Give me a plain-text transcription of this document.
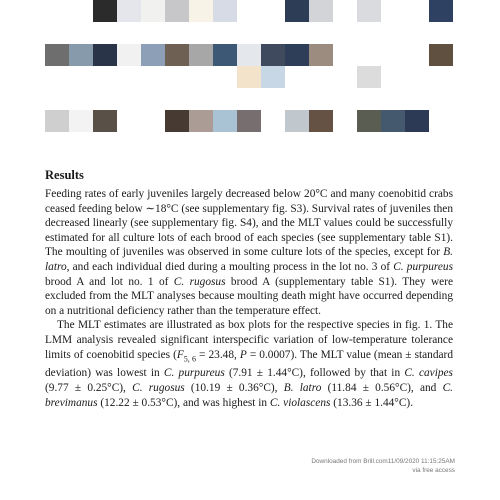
Results

Feeding rates of early juveniles largely decreased below 20°C and many coenobitid crabs ceased feeding below ∼18°C (see supplementary fig. S3). Survival rates of juveniles then decreased linearly (see supplementary fig. S4), and the MLT values could be successfully estimated for all culture lots of each brood of each species (see supplementary table S1). The moulting of juveniles was observed in some culture lots of the species, except for B. latro, and each individual died during a moulting process in the lot no. 3 of C. purpureus brood A and lot no. 1 of C. rugosus brood A (supplementary table S1). They were excluded from the MLT analyses because moulting death might have occurred depending on a nutritional deficiency rather than the temperature effect.

The MLT estimates are illustrated as box plots for the respective species in fig. 1. The LMM analysis revealed significant interspecific variation of low-temperature tolerance limits of coenobitid species ($F_{5, 6} = 23.48$, P = 0.0007). The MLT value (mean ± standard deviation) was lowest in C. purpureus (7.91 ± 1.44°C), followed by that in C. cavipes (9.77 ± 0.25°C), C. rugosus (10.19 ± 0.36°C), B. latro (11.84 ± 0.56°C), and C. brevimanus (12.22 ± 0.53°C), and was highest in C. violascens (13.36 ± 1.44°C).

Downloaded from Brill.com11/09/2020 11:15:25AM
via free access
